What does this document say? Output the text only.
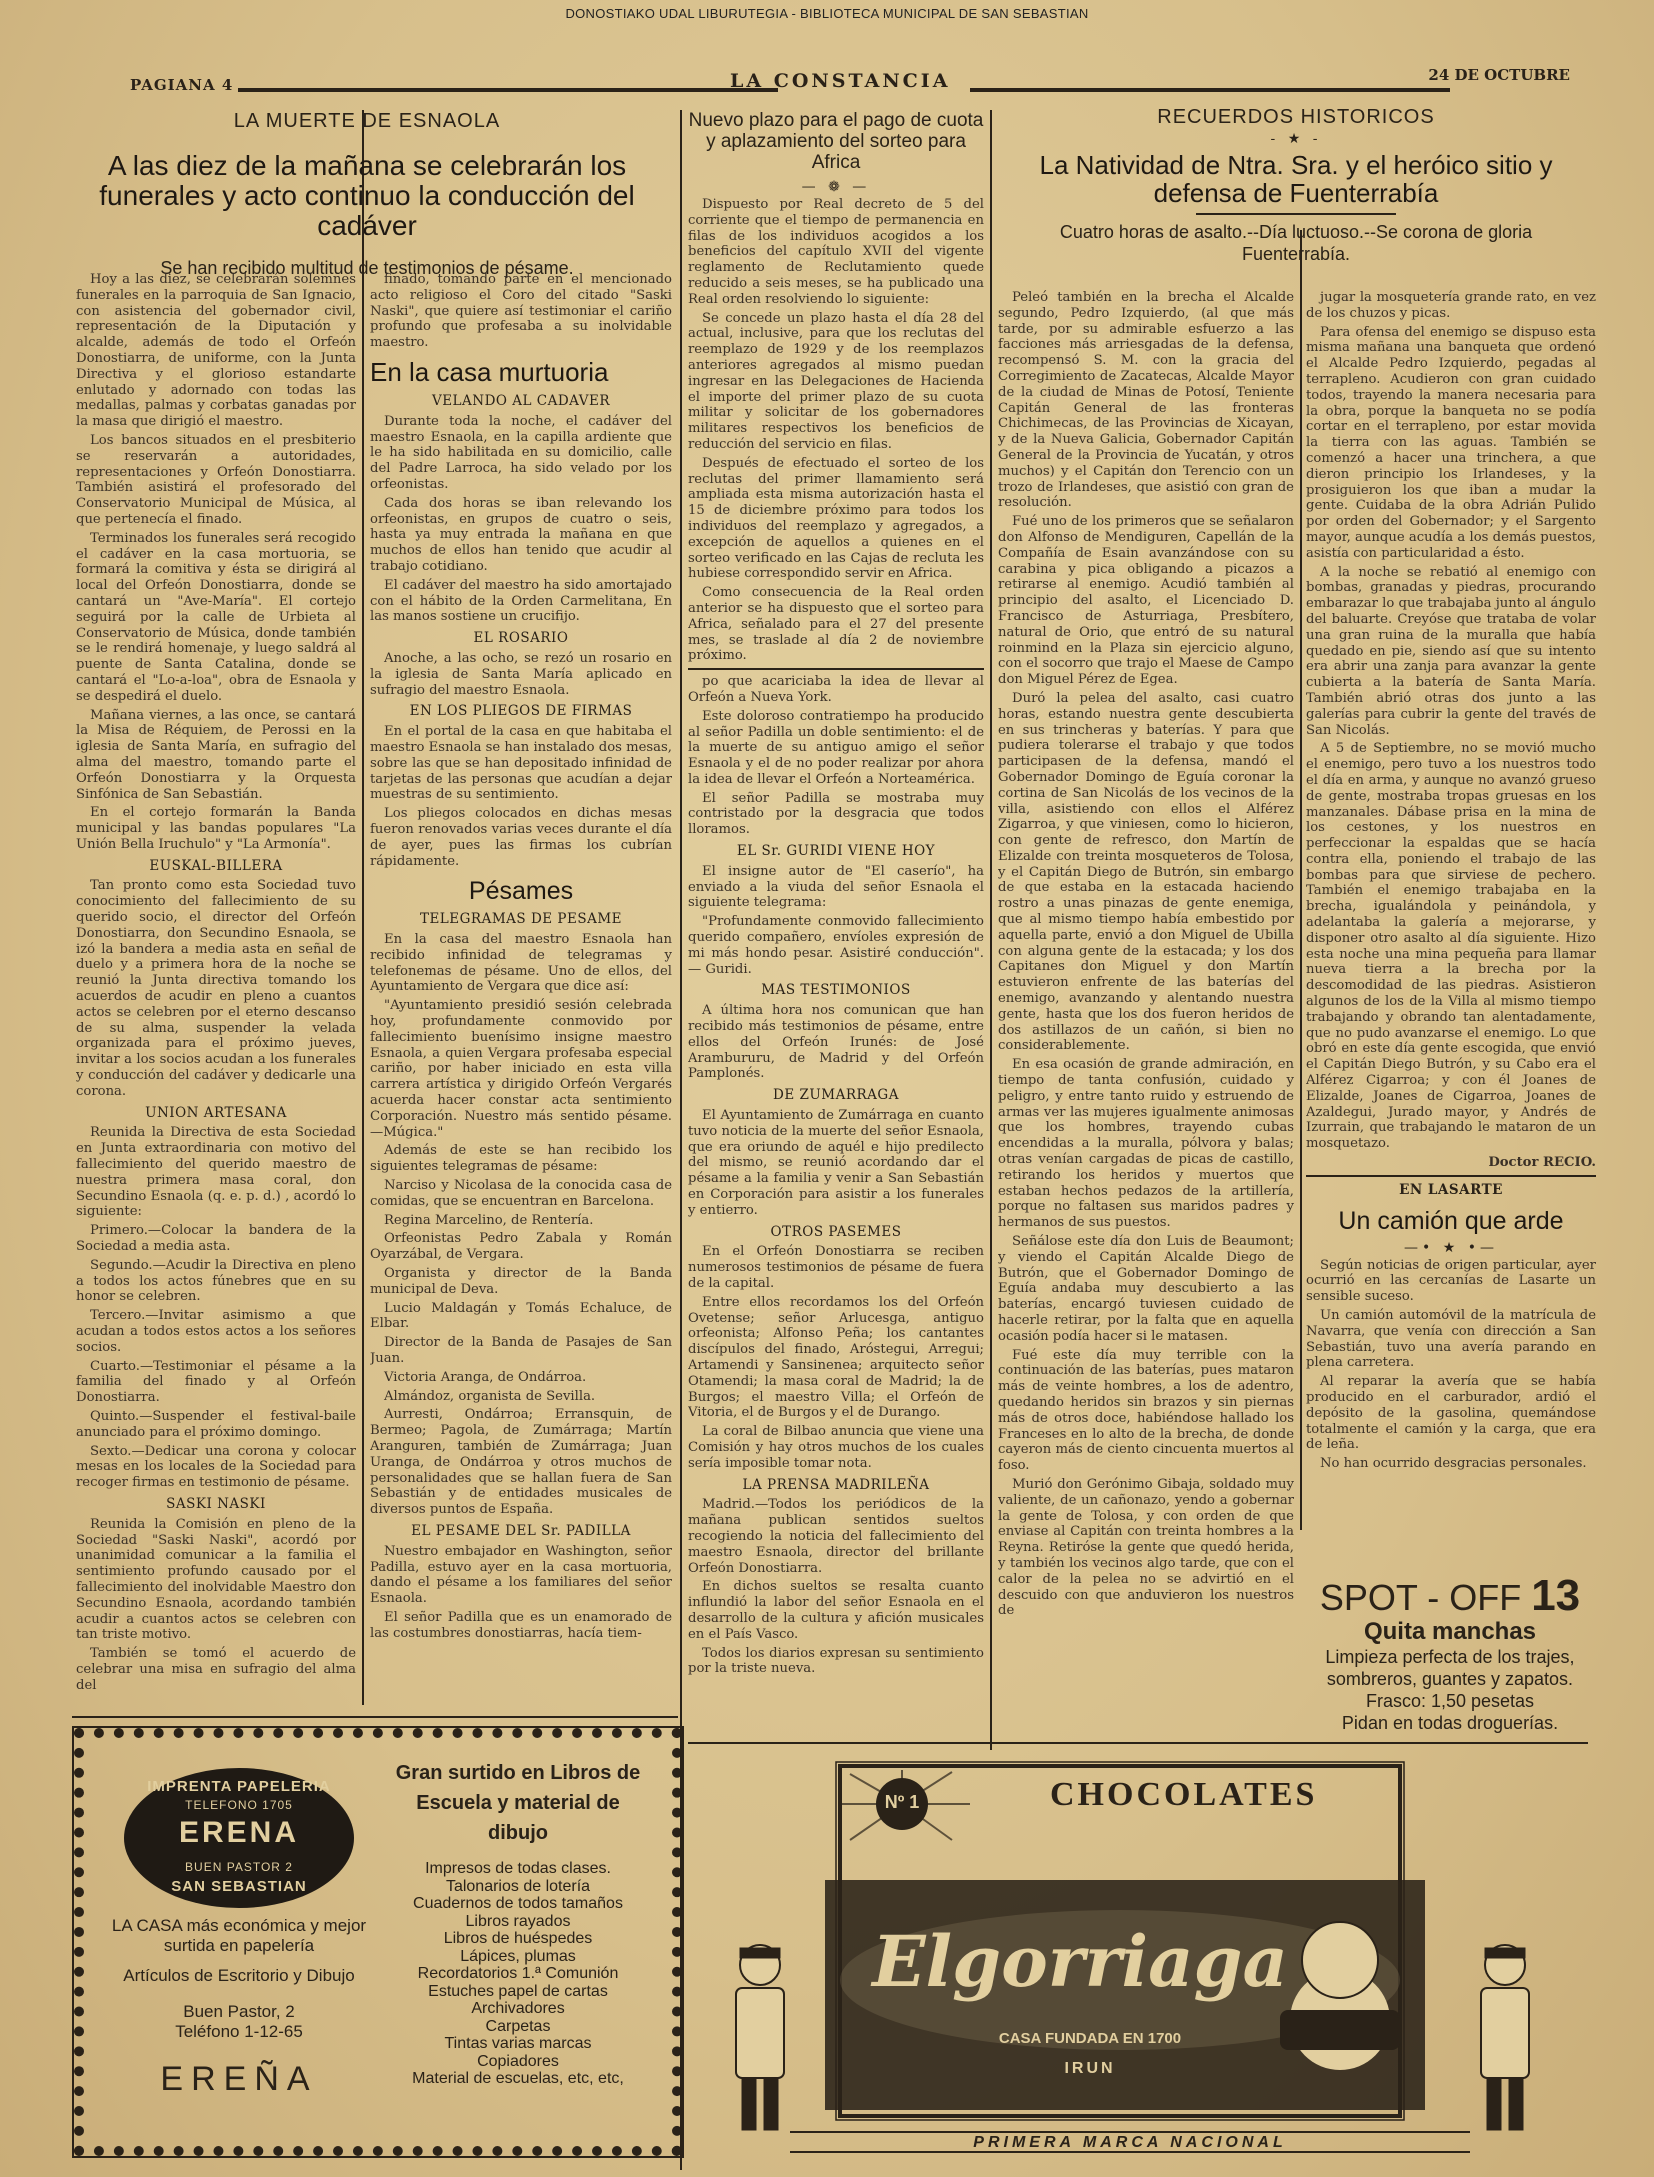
DONOSTIAKO UDAL LIBURUTEGIA - BIBLIOTECA MUNICIPAL DE SAN SEBASTIAN
PAGIANA 4	LA CONSTANCIA	24 DE OCTUBRE
LA MUERTE DE ESNAOLA
A las diez de la mañana se celebrarán los funerales y acto continuo la conducción del cadáver
Se han recibido multitud de testimonios de pésame.

Hoy a las diez, se celebrarán solemnes funerales en la parroquia de San Ignacio, con asistencia del gobernador civil, representación de la Diputación y alcalde, además de todo el Orfeón Donostiarra, de uniforme, con la Junta Directiva y el glorioso estandarte enlutado y adornado con todas las medallas, palmas y corbatas ganadas por la masa que dirigió el maestro.

Los bancos situados en el presbiterio se reservarán a autoridades, representaciones y Orfeón Donostiarra. También asistirá el profesorado del Conservatorio Municipal de Música, al que pertenecía el finado.

Terminados los funerales será recogido el cadáver en la casa mortuoria, se formará la comitiva y ésta se dirigirá al local del Orfeón Donostiarra, donde se cantará un "Ave-María". El cortejo seguirá por la calle de Urbieta al Conservatorio de Música, donde también se le rendirá homenaje, y luego saldrá al puente de Santa Catalina, donde se cantará el "Lo-a-loa", obra de Esnaola y se despedirá el duelo.

Mañana viernes, a las once, se cantará la Misa de Réquiem, de Perossi en la iglesia de Santa María, en sufragio del alma del maestro, tomando parte el Orfeón Donostiarra y la Orquesta Sinfónica de San Sebastián.

En el cortejo formarán la Banda municipal y las bandas populares "La Unión Bella Iruchulo" y "La Armonía".

EUSKAL-BILLERA

Tan pronto como esta Sociedad tuvo conocimiento del fallecimiento de su querido socio, el director del Orfeón Donostiarra, don Secundino Esnaola, se izó la bandera a media asta en señal de duelo y a primera hora de la noche se reunió la Junta directiva tomando los acuerdos de acudir en pleno a cuantos actos se celebren por el eterno descanso de su alma, suspender la velada organizada para el próximo jueves, invitar a los socios acudan a los funerales y conducción del cadáver y dedicarle una corona.

UNION ARTESANA

Reunida la Directiva de esta Sociedad en Junta extraordinaria con motivo del fallecimiento del querido maestro de nuestra primera masa coral, don Secundino Esnaola (q. e. p. d.) , acordó lo siguiente:

Primero.—Colocar la bandera de la Sociedad a media asta.

Segundo.—Acudir la Directiva en pleno a todos los actos fúnebres que en su honor se celebren.

Tercero.—Invitar asimismo a que acudan a todos estos actos a los señores socios.

Cuarto.—Testimoniar el pésame a la familia del finado y al Orfeón Donostiarra.

Quinto.—Suspender el festival-baile anunciado para el próximo domingo.

Sexto.—Dedicar una corona y colocar mesas en los locales de la Sociedad para recoger firmas en testimonio de pésame.

SASKI NASKI

Reunida la Comisión en pleno de la Sociedad "Saski Naski", acordó por unanimidad comunicar a la familia el sentimiento profundo causado por el fallecimiento del inolvidable Maestro don Secundino Esnaola, acordando también acudir a cuantos actos se celebren con tan triste motivo.

También se tomó el acuerdo de celebrar una misa en sufragio del alma del

finado, tomando parte en el mencionado acto religioso el Coro del citado "Saski Naski", que quiere así testimoniar el cariño profundo que profesaba a su inolvidable maestro.

En la casa murtuoria

VELANDO AL CADAVER

Durante toda la noche, el cadáver del maestro Esnaola, en la capilla ardiente que le ha sido habilitada en su domicilio, calle del Padre Larroca, ha sido velado por los orfeonistas.

Cada dos horas se iban relevando los orfeonistas, en grupos de cuatro o seis, hasta ya muy entrada la mañana en que muchos de ellos han tenido que acudir al trabajo cotidiano.

El cadáver del maestro ha sido amortajado con el hábito de la Orden Carmelitana, En las manos sostiene un crucifijo.

EL ROSARIO

Anoche, a las ocho, se rezó un rosario en la iglesia de Santa María aplicado en sufragio del maestro Esnaola.

EN LOS PLIEGOS DE FIRMAS

En el portal de la casa en que habitaba el maestro Esnaola se han instalado dos mesas, sobre las que se han depositado infinidad de tarjetas de las personas que acudían a dejar muestras de su sentimiento.

Los pliegos colocados en dichas mesas fueron renovados varias veces durante el día de ayer, pues las firmas los cubrían rápidamente.

Pésames

TELEGRAMAS DE PESAME

En la casa del maestro Esnaola han recibido infinidad de telegramas y telefonemas de pésame. Uno de ellos, del Ayuntamiento de Vergara que dice así:

"Ayuntamiento presidió sesión celebrada hoy, profundamente conmovido por fallecimiento buenísimo insigne maestro Esnaola, a quien Vergara profesaba especial cariño, por haber iniciado en esta villa carrera artística y dirigido Orfeón Vergarés acuerda hacer constar acta sentimiento Corporación. Nuestro más sentido pésame. —Múgica."

Además de este se han recibido los siguientes telegramas de pésame:

Narciso y Nicolasa de la conocida casa de comidas, que se encuentran en Barcelona.

Regina Marcelino, de Rentería.

Orfeonistas Pedro Zabala y Román Oyarzábal, de Vergara.

Organista y director de la Banda municipal de Deva.

Lucio Maldagán y Tomás Echaluce, de Elbar.

Director de la Banda de Pasajes de San Juan.

Victoria Aranga, de Ondárroa.

Almándoz, organista de Sevilla.

Aurresti, Ondárroa; Erransquin, de Bermeo; Pagola, de Zumárraga; Martín Aranguren, también de Zumárraga; Juan Uranga, de Ondárroa y otros muchos de personalidades que se hallan fuera de San Sebastián y de entidades musicales de diversos puntos de España.

EL PESAME DEL Sr. PADILLA

Nuestro embajador en Washington, señor Padilla, estuvo ayer en la casa mortuoria, dando el pésame a los familiares del señor Esnaola.

El señor Padilla que es un enamorado de las costumbres donostiarras, hacía tiem-

Nuevo plazo para el pago de cuota y aplazamiento del sorteo para Africa
— ❁ —

Dispuesto por Real decreto de 5 del corriente que el tiempo de permanencia en filas de los individuos acogidos a los beneficios del capítulo XVII del vigente reglamento de Reclutamiento quede reducido a seis meses, se ha publicado una Real orden resolviendo lo siguiente:

Se concede un plazo hasta el día 28 del actual, inclusive, para que los reclutas del reemplazo de 1929 y de los reemplazos anteriores agregados al mismo puedan ingresar en las Delegaciones de Hacienda el importe del primer plazo de su cuota militar y solicitar de los gobernadores militares respectivos los beneficios de reducción del servicio en filas.

Después de efectuado el sorteo de los reclutas del primer llamamiento será ampliada esta misma autorización hasta el 15 de diciembre próximo para todos los individuos del reemplazo y agregados, a excepción de aquellos a quienes en el sorteo verificado en las Cajas de recluta les hubiese correspondido servir en Africa.

Como consecuencia de la Real orden anterior se ha dispuesto que el sorteo para Africa, señalado para el 27 del presente mes, se traslade al día 2 de noviembre próximo.

po que acariciaba la idea de llevar al Orfeón a Nueva York.

Este doloroso contratiempo ha producido al señor Padilla un doble sentimiento: el de la muerte de su antiguo amigo el señor Esnaola y el de no poder realizar por ahora la idea de llevar el Orfeón a Norteamérica.

El señor Padilla se mostraba muy contristado por la desgracia que todos lloramos.

EL Sr. GURIDI VIENE HOY

El insigne autor de "El caserío", ha enviado a la viuda del señor Esnaola el siguiente telegrama:

"Profundamente conmovido fallecimiento querido compañero, envíoles expresión de mi más hondo pesar. Asistiré conducción". — Guridi.

MAS TESTIMONIOS

A última hora nos comunican que han recibido más testimonios de pésame, entre ellos del Orfeón Irunés: de José Arambururu, de Madrid y del Orfeón Pamplonés.

DE ZUMARRAGA

El Ayuntamiento de Zumárraga en cuanto tuvo noticia de la muerte del señor Esnaola, que era oriundo de aquél e hijo predilecto del mismo, se reunió acordando dar el pésame a la familia y venir a San Sebastián en Corporación para asistir a los funerales y entierro.

OTROS PASEMES

En el Orfeón Donostiarra se reciben numerosos testimonios de pésame de fuera de la capital.

Entre ellos recordamos los del Orfeón Ovetense; señor Arlucesga, antiguo orfeonista; Alfonso Peña; los cantantes discípulos del finado, Aróstegui, Arregui; Artamendi y Sansinenea; arquitecto señor Otamendi; la masa coral de Madrid; la de Burgos; el maestro Villa; el Orfeón de Vitoria, el de Burgos y el de Durango.

La coral de Bilbao anuncia que viene una Comisión y hay otros muchos de los cuales sería imposible tomar nota.

LA PRENSA MADRILEÑA

Madrid.—Todos los periódicos de la mañana publican sentidos sueltos recogiendo la noticia del fallecimiento del maestro Esnaola, director del brillante Orfeón Donostiarra.

En dichos sueltos se resalta cuanto influndió la labor del señor Esnaola en el desarrollo de la cultura y afición musicales en el País Vasco.

Todos los diarios expresan su sentimiento por la triste nueva.

RECUERDOS HISTORICOS
- ★ -
La Natividad de Ntra. Sra. y el heróico sitio y defensa de Fuenterrabía
Cuatro horas de asalto.--Día luctuoso.--Se corona de gloria Fuenterrabía.

Peleó también en la brecha el Alcalde segundo, Pedro Izquierdo, (al que más tarde, por su admirable esfuerzo a las facciones más arriesgadas de la defensa, recompensó S. M. con la gracia del Corregimiento de Zacatecas, Alcalde Mayor de la ciudad de Minas de Potosí, Teniente Capitán General de las fronteras Chichimecas, de las Provincias de Xicayan, y de la Nueva Galicia, Gobernador Capitán General de la Provincia de Yucatán, y otros muchos) y el Capitán don Terencio con un trozo de Irlandeses, que asistió con gran de resolución.

Fué uno de los primeros que se señalaron don Alfonso de Mendiguren, Capellán de la Compañía de Esain avanzándose con su carabina y pica obligando a picazos a retirarse al enemigo. Acudió también al principio del asalto, el Licenciado D. Francisco de Asturriaga, Presbítero, natural de Orio, que entró de su natural roinmind en la Plaza sin ejercicio alguno, con el socorro que trajo el Maese de Campo don Miguel Pérez de Egea.

Duró la pelea del asalto, casi cuatro horas, estando nuestra gente descubierta en sus trincheras y baterías. Y para que pudiera tolerarse el trabajo y que todos participasen de la defensa, mandó el Gobernador Domingo de Eguía coronar la cortina de San Nicolás de los vecinos de la villa, asistiendo con ellos el Alférez Zigarroa, y que viniesen, como lo hicieron, con gente de refresco, don Martín de Elizalde con treinta mosqueteros de Tolosa, y el Capitán Diego de Butrón, sin embargo de que estaba en la estacada haciendo rostro a unas pinazas de gente enemiga, que al mismo tiempo había embestido por aquella parte, envió a don Miguel de Ubilla con alguna gente de la estacada; y los dos Capitanes don Miguel y don Martín estuvieron enfrente de las baterías del enemigo, avanzando y alentando nuestra gente, hasta que los dos fueron heridos de dos astillazos de un cañón, si bien no considerablemente.

En esa ocasión de grande admiración, en tiempo de tanta confusión, cuidado y peligro, y entre tanto ruido y estruendo de armas ver las mujeres igualmente animosas que los hombres, trayendo cubas encendidas a la muralla, pólvora y balas; otras venían cargadas de picas de castillo, retirando los heridos y muertos que estaban hechos pedazos de la artillería, porque no faltasen sus maridos padres y hermanos de sus puestos.

Señálose este día don Luis de Beaumont; y viendo el Capitán Alcalde Diego de Butrón, que el Gobernador Domingo de Eguía andaba muy descubierto a las baterías, encargó tuviesen cuidado de hacerle retirar, por la falta que en aquella ocasión podía hacer si le matasen.

Fué este día muy terrible con la continuación de las baterías, pues mataron más de veinte hombres, a los de adentro, quedando heridos sin brazos y sin piernas más de otros doce, habiéndose hallado los Franceses en lo alto de la brecha, de donde cayeron más de ciento cincuenta muertos al foso.

Murió don Gerónimo Gibaja, soldado muy valiente, de un cañonazo, yendo a gobernar la gente de Tolosa, y con orden de que enviase al Capitán con treinta hombres a la Reyna. Retiróse la gente que quedó herida, y también los vecinos algo tarde, que con el calor de la pelea no se advirtió en el descuido con que anduvieron los nuestros de

jugar la mosquetería grande rato, en vez de los chuzos y picas.

Para ofensa del enemigo se dispuso esta misma mañana una banqueta que ordenó el Alcalde Pedro Izquierdo, pegadas al terrapleno. Acudieron con gran cuidado todos, trayendo la manera necesaria para la obra, porque la banqueta no se podía cortar en el terrapleno, por estar movida la tierra con las aguas. También se comenzó a hacer una trinchera, a que dieron principio los Irlandeses, y la prosiguieron los que iban a mudar la gente. Cuidaba de la obra Adrián Pulido por orden del Gobernador; y el Sargento mayor, aunque acudía a los demás puestos, asistía con particularidad a ésto.

A la noche se rebatió al enemigo con bombas, granadas y piedras, procurando embarazar lo que trabajaba junto al ángulo del baluarte. Creyóse que trataba de volar una gran ruina de la muralla que había quedado en pie, siendo así que su intento era abrir una zanja para avanzar la gente cubierta a la batería de Santa María. También abrió otras dos junto a las galerías para cubrir la gente del través de San Nicolás.

A 5 de Septiembre, no se movió mucho el enemigo, pero tuvo a los nuestros todo el día en arma, y aunque no avanzó grueso de gente, mostraba tropas gruesas en los manzanales. Dábase prisa en la mina de los cestones, y los nuestros en perfeccionar la espaldas que se hacía contra ella, poniendo el trabajo de las bombas para que sirviese de pechero. También el enemigo trabajaba en la brecha, igualándola y peinándola, y adelantaba la galería a mejorarse, y disponer otro asalto al día siguiente. Hizo esta noche una mina pequeña para llamar nueva tierra a la brecha por la descomodidad de las piedras. Asistieron algunos de los de la Villa al mismo tiempo trabajando y obrando tan alentadamente, que no pudo avanzarse el enemigo. Lo que obró en este día gente escogida, que envió el Capitán Diego Butrón, y su Cabo era el Alférez Cigarroa; y con él Joanes de Elizalde, Joanes de Cigarroa, Joanes de Azaldegui, Jurado mayor, y Andrés de Izurrain, que trabajando le mataron de un mosquetazo.

Doctor RECIO.

EN LASARTE

Un camión que arde
—• ★ •—

Según noticias de origen particular, ayer ocurrió en las cercanías de Lasarte un sensible suceso.

Un camión automóvil de la matrícula de Navarra, que venía con dirección a San Sebastián, tuvo una avería parando en plena carretera.

Al reparar la avería que se había producido en el carburador, ardió el depósito de la gasolina, quemándose totalmente el camión y la carga, que era de leña.

No han ocurrido desgracias personales.

SPOT - OFF 13
Quita manchas
Limpieza perfecta de los trajes, sombreros, guantes y zapatos.
Frasco: 1,50 pesetas
Pidan en todas droguerías.
IMPRENTA PAPELERIA
TELEFONO 1705
ERENA
BUEN PASTOR 2
SAN SEBASTIAN
LA CASA más económica y mejor surtida en papelería
Artículos de Escritorio y Dibujo
Buen Pastor, 2
Teléfono 1-12-65
EREÑA
Gran surtido en Libros de Escuela y material de dibujo
Impresos de todas clases.
Talonarios de lotería
Cuadernos de todos tamaños
Libros rayados
Libros de huéspedes
Lápices, plumas
Recordatorios 1.ª Comunión
Estuches papel de cartas
Archivadores
Carpetas
Tintas varias marcas
Copiadores
Material de escuelas, etc, etc,
CHOCOLATES
Nº 1
Elgorriaga
CASA FUNDADA EN 1700
IRUN
PRIMERA MARCA NACIONAL
